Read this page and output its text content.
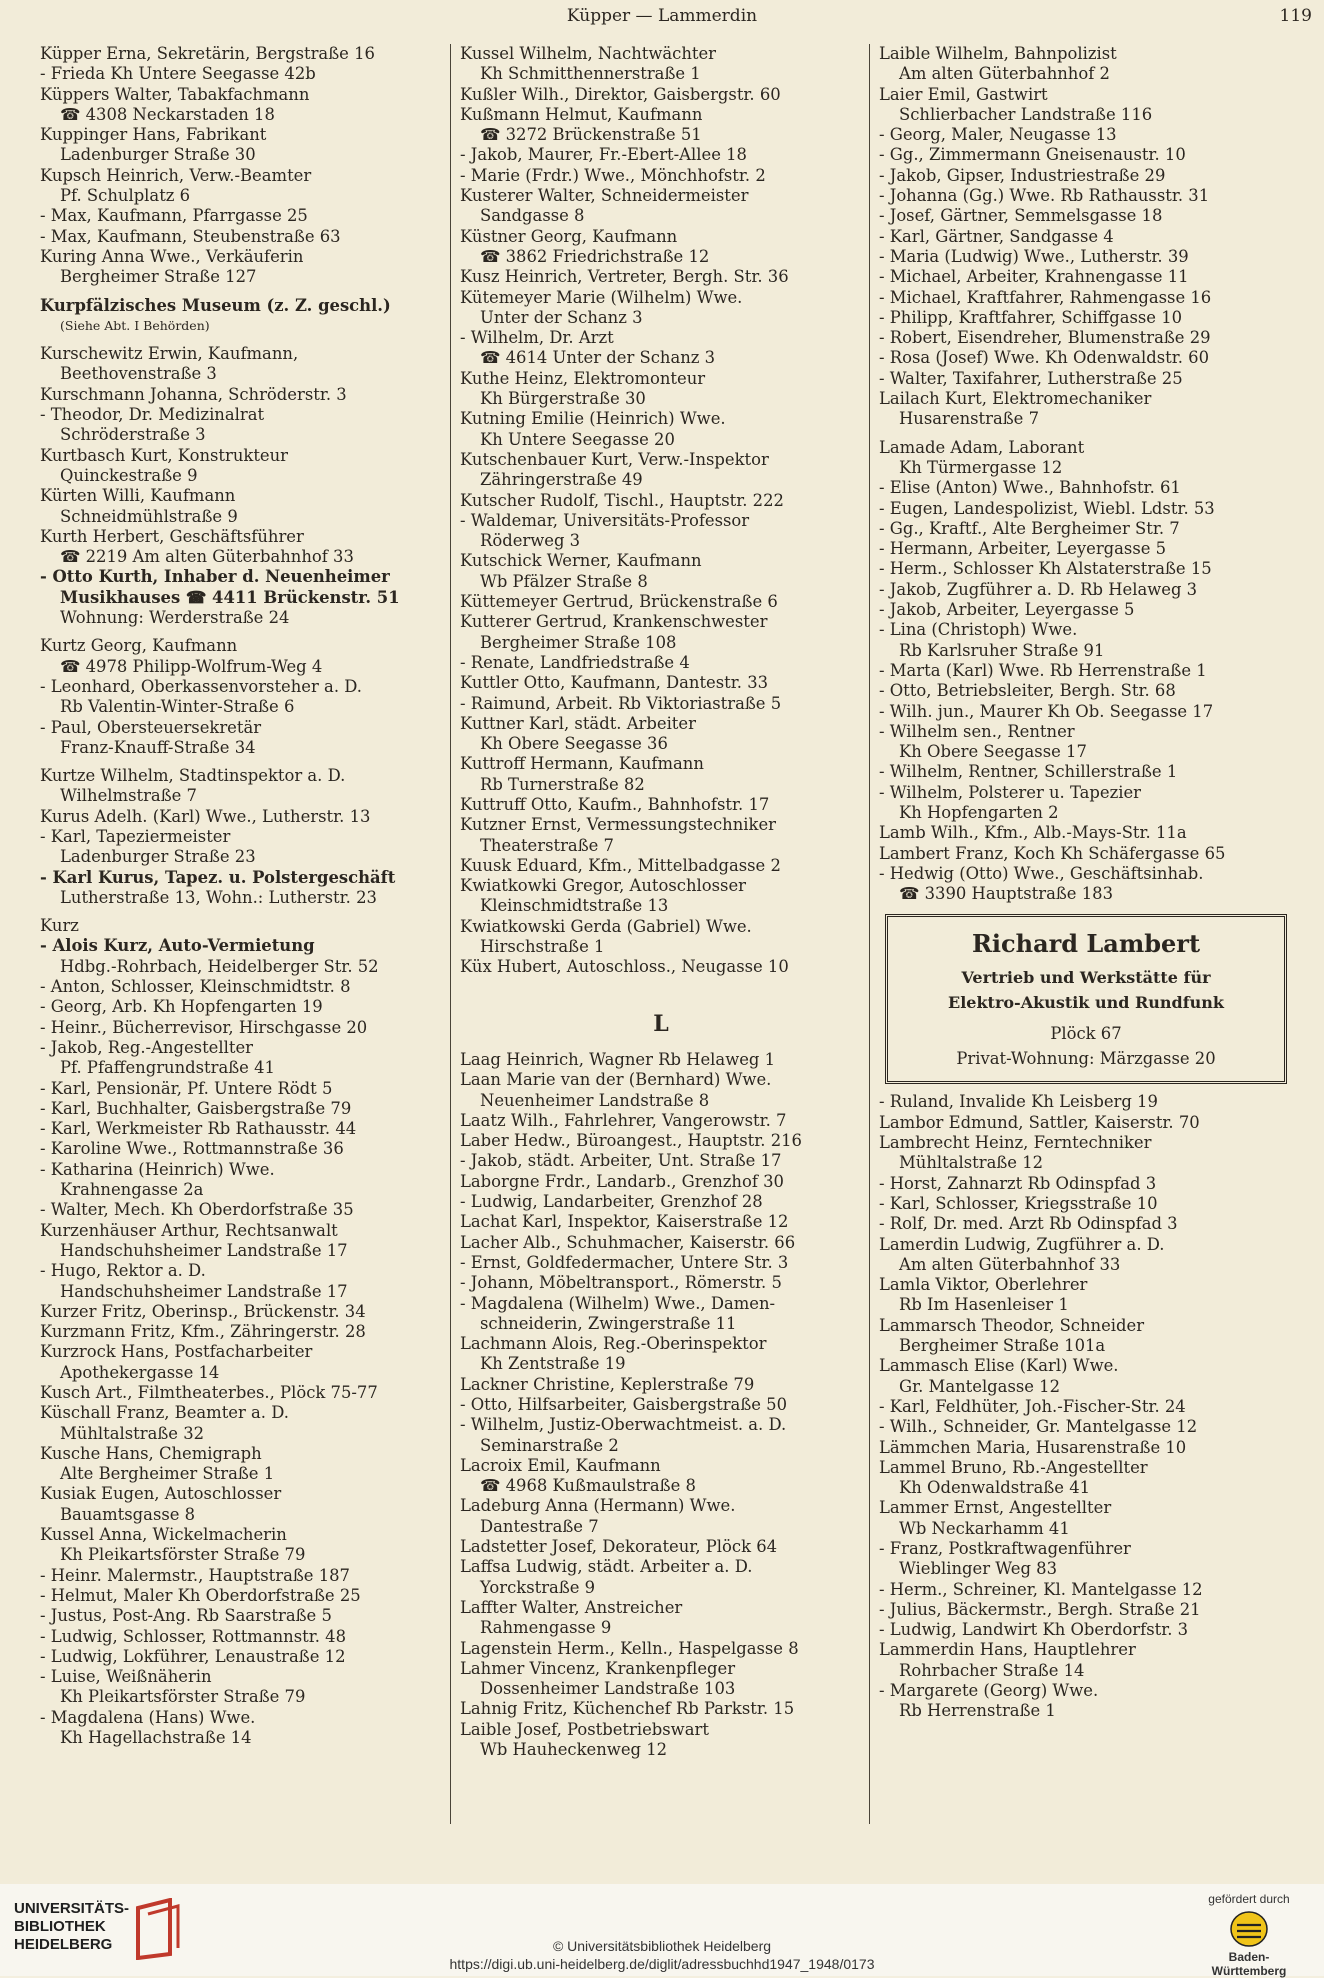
Küpper — Lammerdin	119
Küpper Erna, Sekretärin, Bergstraße 16
- Frieda Kh Untere Seegasse 42b
Küppers Walter, Tabakfachmann
☎ 4308 Neckarstaden 18
Kuppinger Hans, Fabrikant
Ladenburger Straße 30
Kupsch Heinrich, Verw.-Beamter
Pf. Schulplatz 6
- Max, Kaufmann, Pfarrgasse 25
- Max, Kaufmann, Steubenstraße 63
Kuring Anna Wwe., Verkäuferin
Bergheimer Straße 127
Kurpfälzisches Museum (z. Z. geschl.)
(Siehe Abt. I Behörden)
Kurschewitz Erwin, Kaufmann,
Beethovenstraße 3
Kurschmann Johanna, Schröderstr. 3
- Theodor, Dr. Medizinalrat
Schröderstraße 3
Kurtbasch Kurt, Konstrukteur
Quinckestraße 9
Kürten Willi, Kaufmann
Schneidmühlstraße 9
Kurth Herbert, Geschäftsführer
☎ 2219 Am alten Güterbahnhof 33
- Otto Kurth, Inhaber d. Neuenheimer
Musikhauses ☎ 4411 Brückenstr. 51
Wohnung: Werderstraße 24
Kurtz Georg, Kaufmann
☎ 4978 Philipp-Wolfrum-Weg 4
- Leonhard, Oberkassenvorsteher a. D.
Rb Valentin-Winter-Straße 6
- Paul, Obersteuersekretär
Franz-Knauff-Straße 34
Kurtze Wilhelm, Stadtinspektor a. D.
Wilhelmstraße 7
Kurus Adelh. (Karl) Wwe., Lutherstr. 13
- Karl, Tapeziermeister
Ladenburger Straße 23
- Karl Kurus, Tapez. u. Polstergeschäft
Lutherstraße 13, Wohn.: Lutherstr. 23
Kurz
- Alois Kurz, Auto-Vermietung
Hdbg.-Rohrbach, Heidelberger Str. 52
- Anton, Schlosser, Kleinschmidtstr. 8
- Georg, Arb. Kh Hopfengarten 19
- Heinr., Bücherrevisor, Hirschgasse 20
- Jakob, Reg.-Angestellter
Pf. Pfaffengrundstraße 41
- Karl, Pensionär, Pf. Untere Rödt 5
- Karl, Buchhalter, Gaisbergstraße 79
- Karl, Werkmeister Rb Rathausstr. 44
- Karoline Wwe., Rottmannstraße 36
- Katharina (Heinrich) Wwe.
Krahnengasse 2a
- Walter, Mech. Kh Oberdorfstraße 35
Kurzenhäuser Arthur, Rechtsanwalt
Handschuhsheimer Landstraße 17
- Hugo, Rektor a. D.
Handschuhsheimer Landstraße 17
Kurzer Fritz, Oberinsp., Brückenstr. 34
Kurzmann Fritz, Kfm., Zähringerstr. 28
Kurzrock Hans, Postfacharbeiter
Apothekergasse 14
Kusch Art., Filmtheaterbes., Plöck 75-77
Küschall Franz, Beamter a. D.
Mühltalstraße 32
Kusche Hans, Chemigraph
Alte Bergheimer Straße 1
Kusiak Eugen, Autoschlosser
Bauamtsgasse 8
Kussel Anna, Wickelmacherin
Kh Pleikartsförster Straße 79
- Heinr. Malermstr., Hauptstraße 187
- Helmut, Maler Kh Oberdorfstraße 25
- Justus, Post-Ang. Rb Saarstraße 5
- Ludwig, Schlosser, Rottmannstr. 48
- Ludwig, Lokführer, Lenaustraße 12
- Luise, Weißnäherin
Kh Pleikartsförster Straße 79
- Magdalena (Hans) Wwe.
Kh Hagellachstraße 14
Kussel Wilhelm, Nachtwächter
Kh Schmitthennerstraße 1
Kußler Wilh., Direktor, Gaisbergstr. 60
Kußmann Helmut, Kaufmann
☎ 3272 Brückenstraße 51
- Jakob, Maurer, Fr.-Ebert-Allee 18
- Marie (Frdr.) Wwe., Mönchhofstr. 2
Kusterer Walter, Schneidermeister
Sandgasse 8
Küstner Georg, Kaufmann
☎ 3862 Friedrichstraße 12
Kusz Heinrich, Vertreter, Bergh. Str. 36
Kütemeyer Marie (Wilhelm) Wwe.
Unter der Schanz 3
- Wilhelm, Dr. Arzt
☎ 4614 Unter der Schanz 3
Kuthe Heinz, Elektromonteur
Kh Bürgerstraße 30
Kutning Emilie (Heinrich) Wwe.
Kh Untere Seegasse 20
Kutschenbauer Kurt, Verw.-Inspektor
Zähringerstraße 49
Kutscher Rudolf, Tischl., Hauptstr. 222
- Waldemar, Universitäts-Professor
Röderweg 3
Kutschick Werner, Kaufmann
Wb Pfälzer Straße 8
Küttemeyer Gertrud, Brückenstraße 6
Kutterer Gertrud, Krankenschwester
Bergheimer Straße 108
- Renate, Landfriedstraße 4
Kuttler Otto, Kaufmann, Dantestr. 33
- Raimund, Arbeit. Rb Viktoriastraße 5
Kuttner Karl, städt. Arbeiter
Kh Obere Seegasse 36
Kuttroff Hermann, Kaufmann
Rb Turnerstraße 82
Kuttruff Otto, Kaufm., Bahnhofstr. 17
Kutzner Ernst, Vermessungstechniker
Theaterstraße 7
Kuusk Eduard, Kfm., Mittelbadgasse 2
Kwiatkowki Gregor, Autoschlosser
Kleinschmidtstraße 13
Kwiatkowski Gerda (Gabriel) Wwe.
Hirschstraße 1
Küx Hubert, Autoschloss., Neugasse 10
L
Laag Heinrich, Wagner Rb Helaweg 1
Laan Marie van der (Bernhard) Wwe.
Neuenheimer Landstraße 8
Laatz Wilh., Fahrlehrer, Vangerowstr. 7
Laber Hedw., Büroangest., Hauptstr. 216
- Jakob, städt. Arbeiter, Unt. Straße 17
Laborgne Frdr., Landarb., Grenzhof 30
- Ludwig, Landarbeiter, Grenzhof 28
Lachat Karl, Inspektor, Kaiserstraße 12
Lacher Alb., Schuhmacher, Kaiserstr. 66
- Ernst, Goldfedermacher, Untere Str. 3
- Johann, Möbeltransport., Römerstr. 5
- Magdalena (Wilhelm) Wwe., Damen-
schneiderin, Zwingerstraße 11
Lachmann Alois, Reg.-Oberinspektor
Kh Zentstraße 19
Lackner Christine, Keplerstraße 79
- Otto, Hilfsarbeiter, Gaisbergstraße 50
- Wilhelm, Justiz-Oberwachtmeist. a. D.
Seminarstraße 2
Lacroix Emil, Kaufmann
☎ 4968 Kußmaulstraße 8
Ladeburg Anna (Hermann) Wwe.
Dantestraße 7
Ladstetter Josef, Dekorateur, Plöck 64
Laffsa Ludwig, städt. Arbeiter a. D.
Yorckstraße 9
Laffter Walter, Anstreicher
Rahmengasse 9
Lagenstein Herm., Kelln., Haspelgasse 8
Lahmer Vincenz, Krankenpfleger
Dossenheimer Landstraße 103
Lahnig Fritz, Küchenchef Rb Parkstr. 15
Laible Josef, Postbetriebswart
Wb Hauheckenweg 12
Laible Wilhelm, Bahnpolizist
Am alten Güterbahnhof 2
Laier Emil, Gastwirt
Schlierbacher Landstraße 116
- Georg, Maler, Neugasse 13
- Gg., Zimmermann Gneisenaustr. 10
- Jakob, Gipser, Industriestraße 29
- Johanna (Gg.) Wwe. Rb Rathausstr. 31
- Josef, Gärtner, Semmelsgasse 18
- Karl, Gärtner, Sandgasse 4
- Maria (Ludwig) Wwe., Lutherstr. 39
- Michael, Arbeiter, Krahnengasse 11
- Michael, Kraftfahrer, Rahmengasse 16
- Philipp, Kraftfahrer, Schiffgasse 10
- Robert, Eisendreher, Blumenstraße 29
- Rosa (Josef) Wwe. Kh Odenwaldstr. 60
- Walter, Taxifahrer, Lutherstraße 25
Lailach Kurt, Elektromechaniker
Husarenstraße 7
Lamade Adam, Laborant
Kh Türmergasse 12
- Elise (Anton) Wwe., Bahnhofstr. 61
- Eugen, Landespolizist, Wiebl. Ldstr. 53
- Gg., Kraftf., Alte Bergheimer Str. 7
- Hermann, Arbeiter, Leyergasse 5
- Herm., Schlosser Kh Alstaterstraße 15
- Jakob, Zugführer a. D. Rb Helaweg 3
- Jakob, Arbeiter, Leyergasse 5
- Lina (Christoph) Wwe.
Rb Karlsruher Straße 91
- Marta (Karl) Wwe. Rb Herrenstraße 1
- Otto, Betriebsleiter, Bergh. Str. 68
- Wilh. jun., Maurer Kh Ob. Seegasse 17
- Wilhelm sen., Rentner
Kh Obere Seegasse 17
- Wilhelm, Rentner, Schillerstraße 1
- Wilhelm, Polsterer u. Tapezier
Kh Hopfengarten 2
Lamb Wilh., Kfm., Alb.-Mays-Str. 11a
Lambert Franz, Koch Kh Schäfergasse 65
- Hedwig (Otto) Wwe., Geschäftsinhab.
☎ 3390 Hauptstraße 183
Richard Lambert
Vertrieb und Werkstätte für
Elektro-Akustik und Rundfunk
Plöck 67
Privat-Wohnung: Märzgasse 20
- Ruland, Invalide Kh Leisberg 19
Lambor Edmund, Sattler, Kaiserstr. 70
Lambrecht Heinz, Ferntechniker
Mühltalstraße 12
- Horst, Zahnarzt Rb Odinspfad 3
- Karl, Schlosser, Kriegsstraße 10
- Rolf, Dr. med. Arzt Rb Odinspfad 3
Lamerdin Ludwig, Zugführer a. D.
Am alten Güterbahnhof 33
Lamla Viktor, Oberlehrer
Rb Im Hasenleiser 1
Lammarsch Theodor, Schneider
Bergheimer Straße 101a
Lammasch Elise (Karl) Wwe.
Gr. Mantelgasse 12
- Karl, Feldhüter, Joh.-Fischer-Str. 24
- Wilh., Schneider, Gr. Mantelgasse 12
Lämmchen Maria, Husarenstraße 10
Lammel Bruno, Rb.-Angestellter
Kh Odenwaldstraße 41
Lammer Ernst, Angestellter
Wb Neckarhamm 41
- Franz, Postkraftwagenführer
Wieblinger Weg 83
- Herm., Schreiner, Kl. Mantelgasse 12
- Julius, Bäckermstr., Bergh. Straße 21
- Ludwig, Landwirt Kh Oberdorfstr. 3
Lammerdin Hans, Hauptlehrer
Rohrbacher Straße 14
- Margarete (Georg) Wwe.
Rb Herrenstraße 1
UNIVERSITÄTS-
BIBLIOTHEK
HEIDELBERG	© Universitätsbibliothek Heidelberg
https://digi.ub.uni-heidelberg.de/diglit/adressbuchhd1947_1948/0173
gefördert durch
Baden-Württemberg
